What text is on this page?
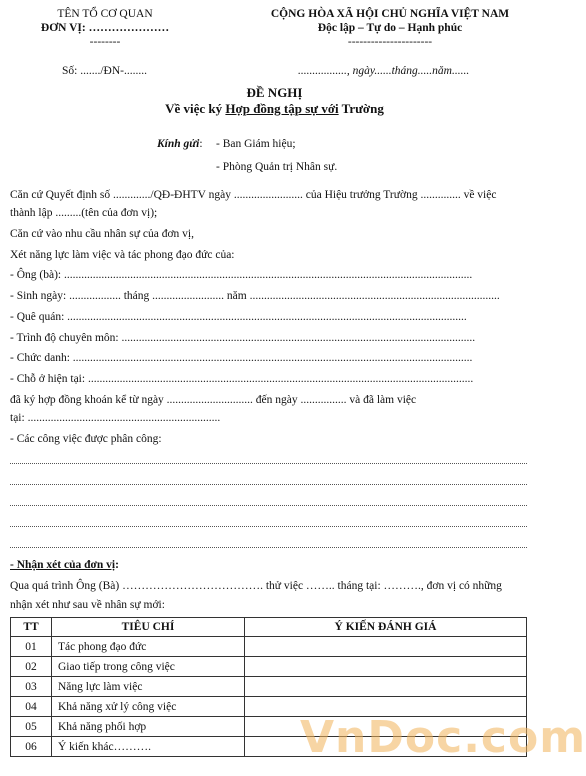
TÊN TỔ CƠ QUAN
ĐƠN VỊ: …………………
--------
CỘNG HÒA XÃ HỘI CHỦ NGHĨA VIỆT NAM
Độc lập – Tự do – Hạnh phúc
----------------------
Số: ......./ĐN-........	................., ngày......tháng.....năm......
ĐỀ NGHỊ
Về việc ký Hợp đồng tập sự với Trường
Kính gửi: - Ban Giám hiệu;
- Phòng Quản trị Nhân sự.
Căn cứ Quyết định số ............./QĐ-ĐHTV ngày ........................ của Hiệu trưởng Trường .............. về việc
thành lập .........(tên của đơn vị);
Căn cứ vào nhu cầu nhân sự của đơn vị,
Xét năng lực làm việc và tác phong đạo đức của:
- Ông (bà): ..............................................................................................................................................
- Sinh ngày: .................. tháng ......................... năm .......................................................................................
- Quê quán: ...........................................................................................................................................
- Trình độ chuyên môn: ...........................................................................................................................
- Chức danh: ...........................................................................................................................................
- Chỗ ở hiện tại: ......................................................................................................................................
đã ký hợp đồng khoán kể từ ngày .............................. đến ngày ................ và đã làm việc
tại: ...................................................................
- Các công việc được phân công:
- Nhận xét của đơn vị:
Qua quá trình Ông (Bà) ………………………………. thử việc …….. tháng tại: ………., đơn vị có những
nhận xét như sau về nhân sự mới:
TT	TIÊU CHÍ	Ý KIẾN ĐÁNH GIÁ
01	Tác phong đạo đức	
02	Giao tiếp trong công việc	
03	Năng lực làm việc	
04	Khả năng xử lý công việc	
05	Khả năng phối hợp	
06	Ý kiến khác……….		VnDoc.com
